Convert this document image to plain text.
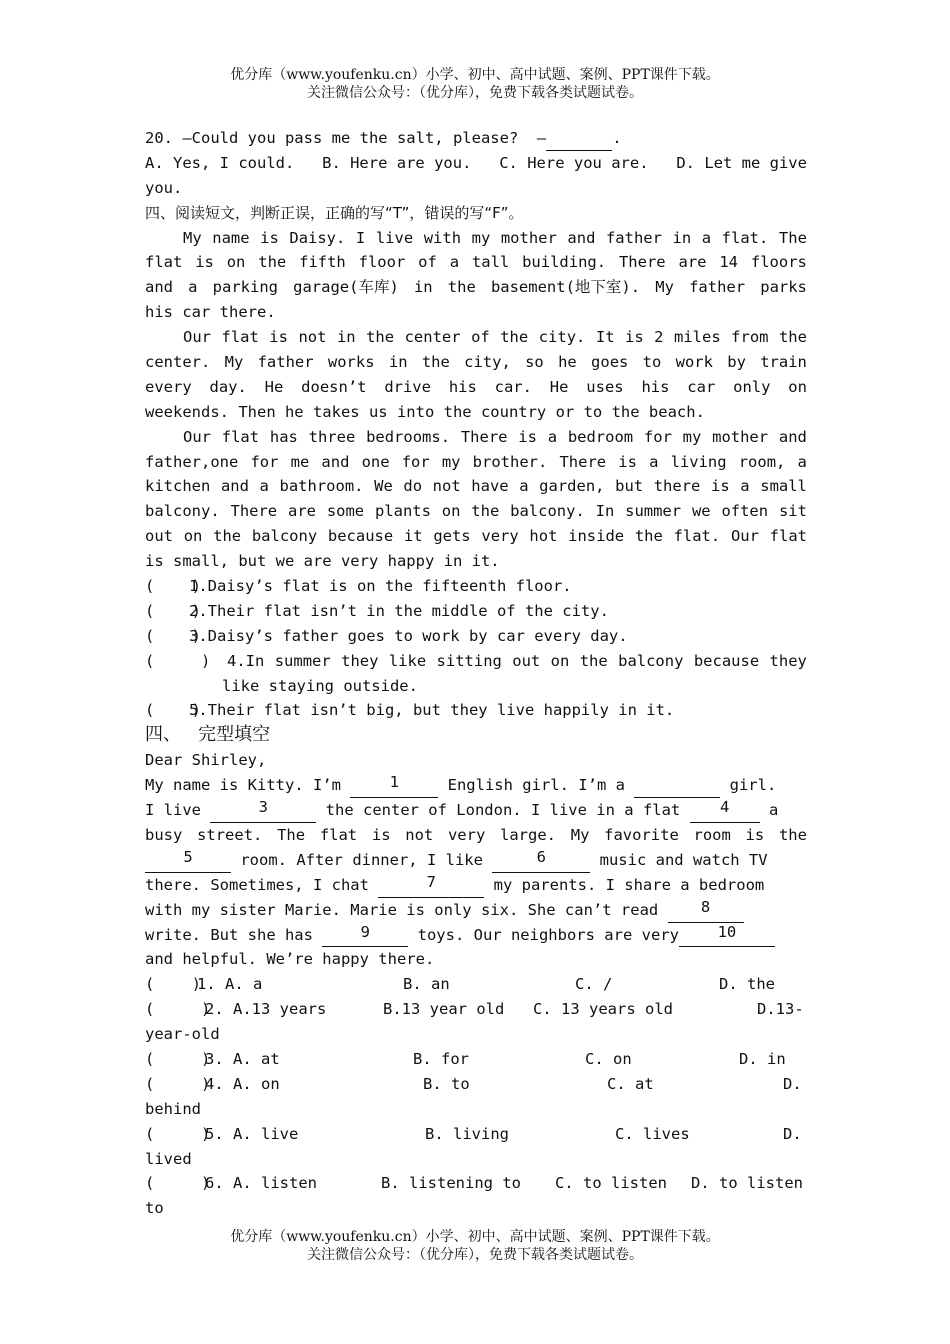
优分库（www.youfenku.cn）小学、初中、高中试题、案例、PPT课件下载。
关注微信公众号：（优分库），免费下载各类试题试卷。
20. —Could you pass me the salt, please?  —	.
A. Yes, I could. B. Here are you. C. Here you are. D. Let me give
you.
四、阅读短文，判断正误，正确的写“T”，错误的写“F”。
My name is Daisy. I live with my mother and father in a flat. The
flat is on the fifth floor of a tall building. There are 14 floors
and a parking garage(车库) in the basement(地下室). My father parks
his car there.
Our flat is not in the center of the city. It is 2 miles from the
center. My father works in the city, so he goes to work by train
every day. He doesn’t drive his car. He uses his car only on
weekends. Then he takes us into the country or to the beach.
Our flat has three bedrooms. There is a bedroom for my mother and
father,one for me and one for my brother. There is a living room, a
kitchen and a bathroom. We do not have a garden, but there is a small
balcony. There are some plants on the balcony. In summer we often sit
out on the balcony because it gets very hot inside the flat. Our flat
is small, but we are very happy in it.
(    )
1.Daisy’s flat is on the fifteenth floor.
(    )
2.Their flat isn’t in the middle of the city.
(    )
3.Daisy’s father goes to work by car every day.
(     )	4.In summer they like sitting out on the balcony because they
like staying outside.
(    )
5.Their flat isn’t big, but they live happily in it.
四、   完型填空
Dear Shirley,
My name is Kitty. I’m	1	English girl. I’m a	girl.
I live	3	the center of London. I live in a flat	4	a
busy street. The flat is not very large. My favorite room is the
5	room. After dinner, I like	6	music and watch TV
there. Sometimes, I chat	7	my parents. I share a bedroom
with my sister Marie. Marie is only six. She can’t read	8
write. But she has	9	toys. Our neighbors are very	10
and helpful. We’re happy there.
(    )
1. A. a	B. an	C. /	D. the
(     )
2. A.13 years	B.13 year old C. 13 years old	D.13-
year-old
(     )
3. A. at	B. for	C. on	D. in
(     )
4. A. on	B. to	C. at	D.
behind
(     )
5. A. live	B. living	C. lives	D.
lived
(     )
6. A. listen	B. listening to C. to listen D. to listen
to
优分库（www.youfenku.cn）小学、初中、高中试题、案例、PPT课件下载。
关注微信公众号：（优分库），免费下载各类试题试卷。
